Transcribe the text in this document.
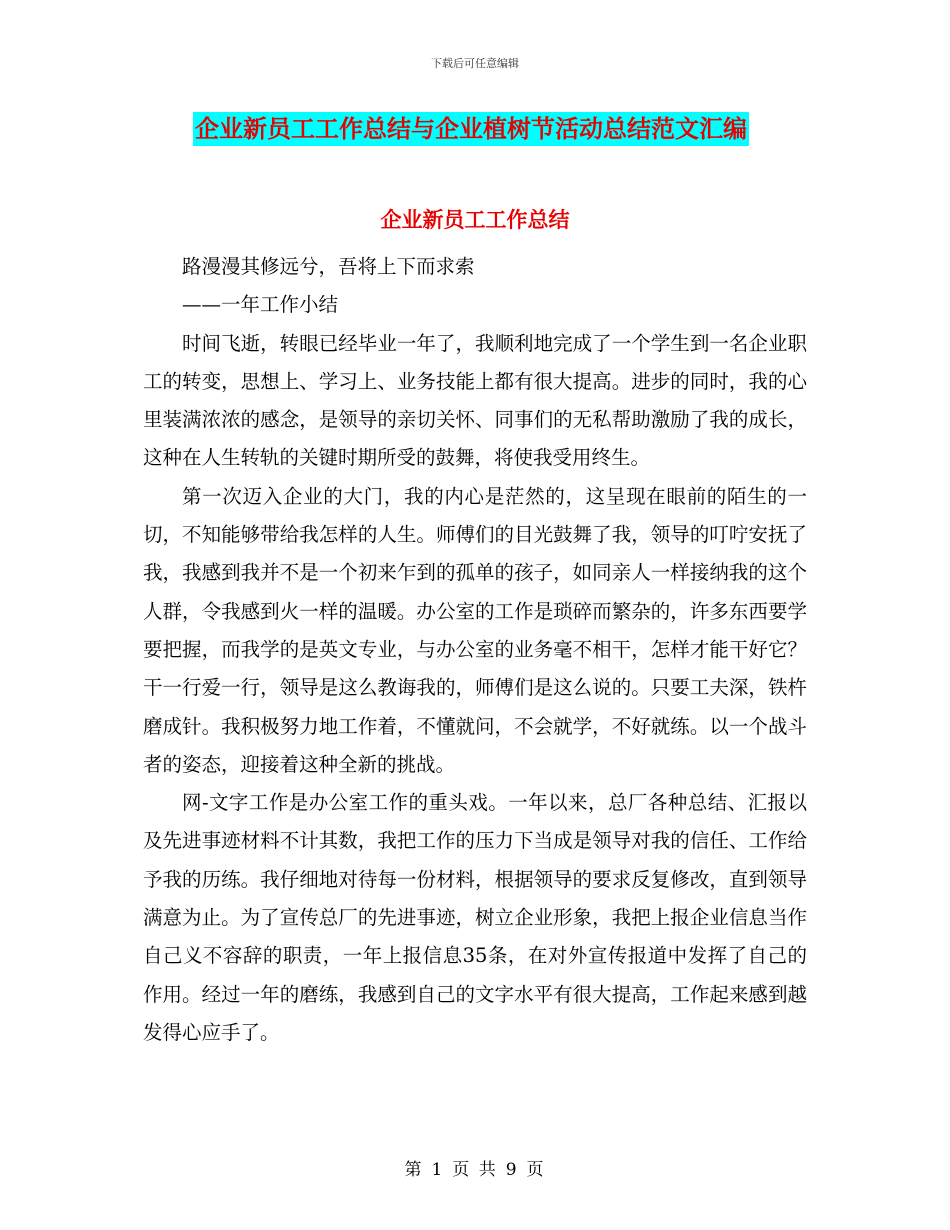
下载后可任意编辑
企业新员工工作总结与企业植树节活动总结范文汇编
企业新员工工作总结

路漫漫其修远兮，吾将上下而求索

——一年工作小结

时间飞逝，转眼已经毕业一年了，我顺利地完成了一个学生到一名企业职工的转变，思想上、学习上、业务技能上都有很大提高。进步的同时，我的心里装满浓浓的感念，是领导的亲切关怀、同事们的无私帮助激励了我的成长，这种在人生转轨的关键时期所受的鼓舞，将使我受用终生。

第一次迈入企业的大门，我的内心是茫然的，这呈现在眼前的陌生的一切，不知能够带给我怎样的人生。师傅们的目光鼓舞了我，领导的叮咛安抚了我，我感到我并不是一个初来乍到的孤单的孩子，如同亲人一样接纳我的这个人群，令我感到火一样的温暖。办公室的工作是琐碎而繁杂的，许多东西要学要把握，而我学的是英文专业，与办公室的业务毫不相干，怎样才能干好它？干一行爱一行，领导是这么教诲我的，师傅们是这么说的。只要工夫深，铁杵磨成针。我积极努力地工作着，不懂就问，不会就学，不好就练。以一个战斗者的姿态，迎接着这种全新的挑战。

网-文字工作是办公室工作的重头戏。一年以来，总厂各种总结、汇报以及先进事迹材料不计其数，我把工作的压力下当成是领导对我的信任、工作给予我的历练。我仔细地对待每一份材料，根据领导的要求反复修改，直到领导满意为止。为了宣传总厂的先进事迹，树立企业形象，我把上报企业信息当作自己义不容辞的职责，一年上报信息35条，在对外宣传报道中发挥了自己的作用。经过一年的磨练，我感到自己的文字水平有很大提高，工作起来感到越发得心应手了。

第 1 页 共 9 页
